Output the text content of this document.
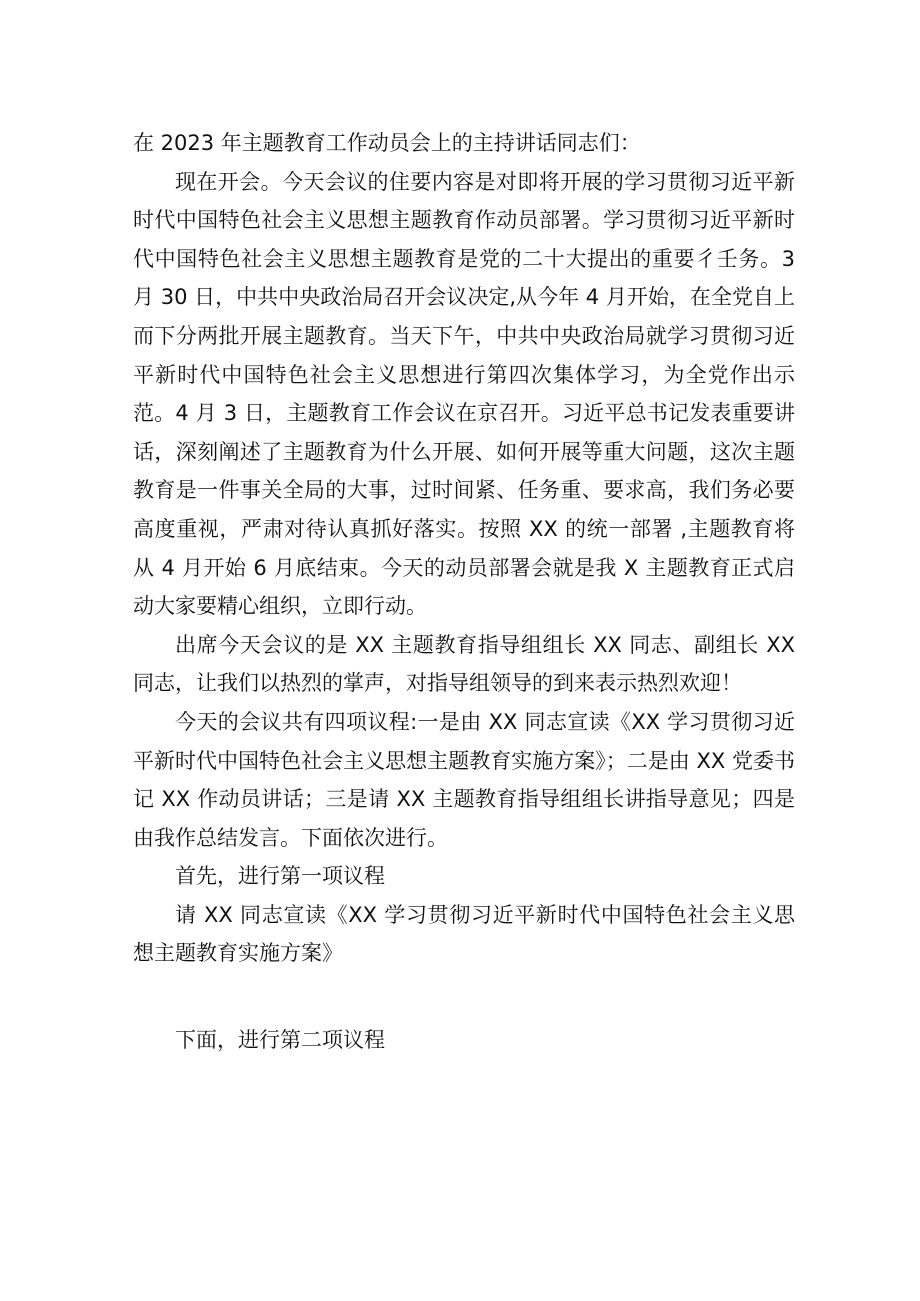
在 2023 年主题教育工作动员会上的主持讲话同志们：

现在开会。今天会议的住要内容是对即将开展的学习贯彻习近平新时代中国特色社会主义思想主题教育作动员部署。学习贯彻习近平新时代中国特色社会主义思想主题教育是党的二十大提出的重要彳壬务。3 月 30 日，中共中央政治局召开会议决定,从今年 4 月开始，在全党自上而下分两批开展主题教育。当天下午，中共中央政治局就学习贯彻习近平新时代中国特色社会主义思想进行第四次集体学习，为全党作出示范。4 月 3 日，主题教育工作会议在京召开。习近平总书记发表重要讲话，深刻阐述了主题教育为什么开展、如何开展等重大问题，这次主题教育是一件事关全局的大事，过时间紧、任务重、要求高，我们务必要高度重视，严肃对待认真抓好落实。按照 XX 的统一部署 ,主题教育将从 4 月开始 6 月底结束。今天的动员部署会就是我 X 主题教育正式启动大家要精心组织，立即行动。

出席今天会议的是 XX 主题教育指导组组长 XX 同志、副组长 XX 同志，让我们以热烈的掌声，对指导组领导的到来表示热烈欢迎！

今天的会议共有四项议程:一是由 XX 同志宣读《XX 学习贯彻习近平新时代中国特色社会主义思想主题教育实施方案》；二是由 XX 党委书记 XX 作动员讲话；三是请 XX 主题教育指导组组长讲指导意见；四是由我作总结发言。下面依次进行。

首先，进行第一项议程

请 XX 同志宣读《XX 学习贯彻习近平新时代中国特色社会主义思想主题教育实施方案》

下面，进行第二项议程
